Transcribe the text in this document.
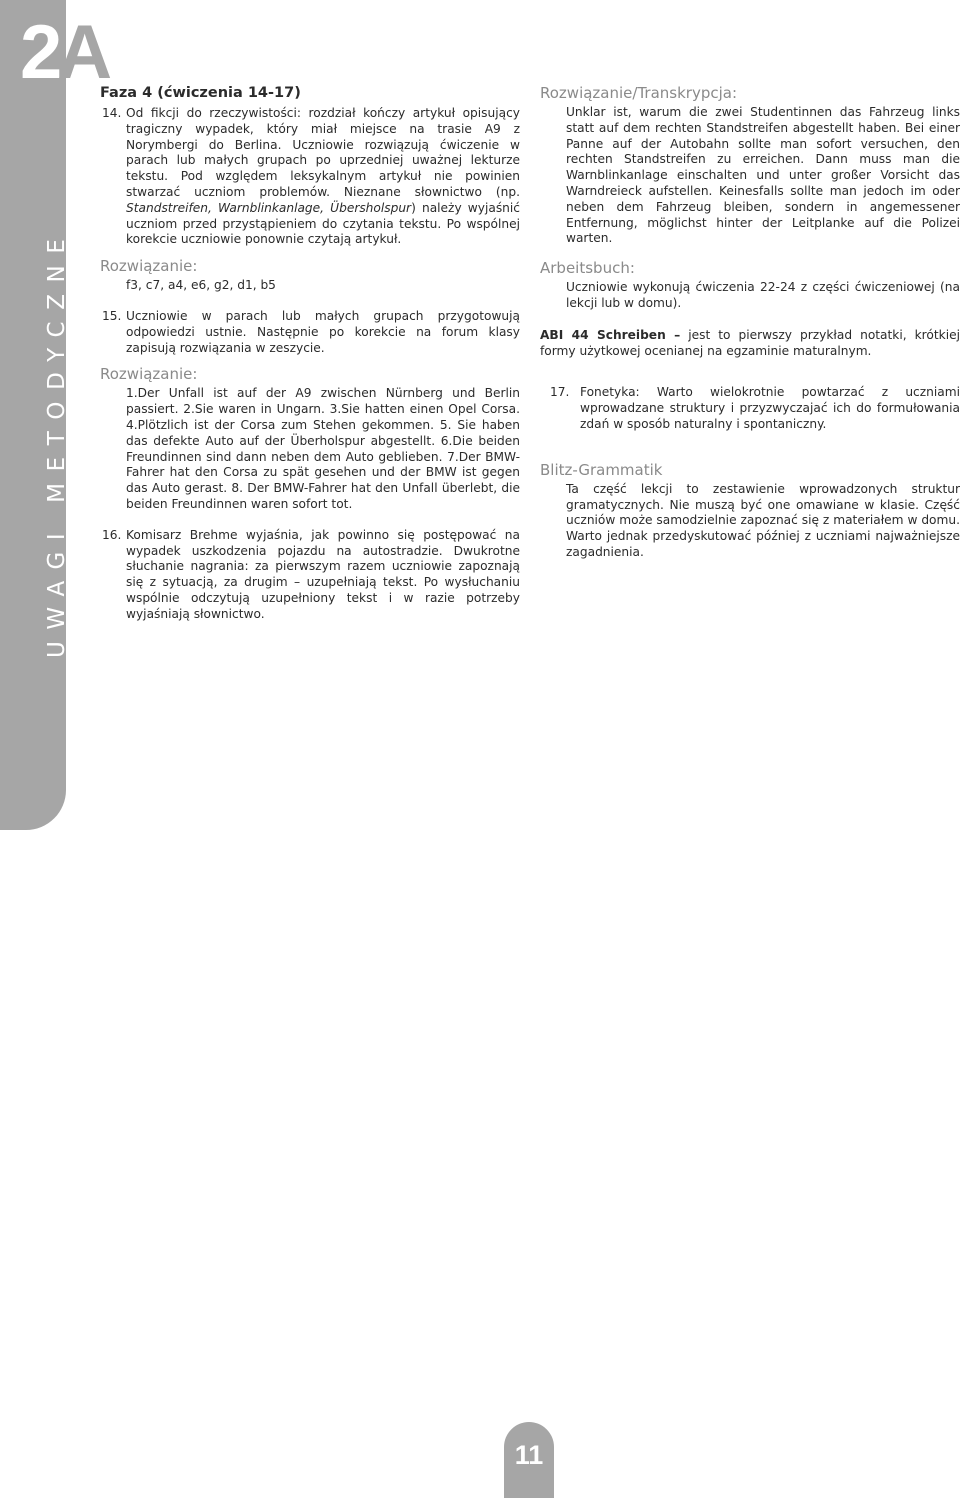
UWAGI METODYCZNE
2A
Faza 4 (ćwiczenia 14-17)
14. Od fikcji do rzeczywistości: rozdział kończy artykuł opisujący tragiczny wypadek, który miał miejsce na trasie A9 z Norymbergi do Berlina. Uczniowie rozwiązują ćwiczenie w parach lub małych grupach po uprzedniej uważnej lekturze tekstu. Pod względem leksykalnym artykuł nie powinien stwarzać uczniom problemów. Nieznane słownictwo (np. Standstreifen, Warnblinkanlage, Übersholspur) należy wyjaśnić uczniom przed przystąpieniem do czytania tekstu. Po wspólnej korekcie uczniowie ponownie czytają artykuł.
Rozwiązanie:
f3, c7, a4, e6, g2, d1, b5
15. Uczniowie w parach lub małych grupach przygotowują odpowiedzi ustnie. Następnie po korekcie na forum klasy zapisują rozwiązania w zeszycie.
Rozwiązanie:
1.Der Unfall ist auf der A9 zwischen Nürnberg und Berlin passiert. 2.Sie waren in Ungarn. 3.Sie hatten einen Opel Corsa. 4.Plötzlich ist der Corsa zum Stehen gekommen. 5. Sie haben das defekte Auto auf der Überholspur abgestellt. 6.Die beiden Freundinnen sind dann neben dem Auto geblieben. 7.Der BMW-Fahrer hat den Corsa zu spät gesehen und der BMW ist gegen das Auto gerast. 8. Der BMW-Fahrer hat den Unfall überlebt, die beiden Freundinnen waren sofort tot.
16. Komisarz Brehme wyjaśnia, jak powinno się postępować na wypadek uszkodzenia pojazdu na autostradzie. Dwukrotne słuchanie nagrania: za pierwszym razem uczniowie zapoznają się z sytuacją, za drugim – uzupełniają tekst. Po wysłuchaniu wspólnie odczytują uzupełniony tekst i w razie potrzeby wyjaśniają słownictwo.
Rozwiązanie/Transkrypcja:
Unklar ist, warum die zwei Studentinnen das Fahrzeug links statt auf dem rechten Standstreifen abgestellt haben. Bei einer Panne auf der Autobahn sollte man sofort versuchen, den rechten Standstreifen zu erreichen. Dann muss man die Warnblinkanlage einschalten und unter großer Vorsicht das Warndreieck aufstellen. Keinesfalls sollte man jedoch im oder neben dem Fahrzeug bleiben, sondern in angemessener Entfernung, möglichst hinter der Leitplanke auf die Polizei warten.
Arbeitsbuch:
Uczniowie wykonują ćwiczenia 22-24 z części ćwiczeniowej (na lekcji lub w domu).
ABI 44 Schreiben – jest to pierwszy przykład notatki, krótkiej formy użytkowej ocenianej na egzaminie maturalnym.
17. Fonetyka: Warto wielokrotnie powtarzać z uczniami wprowadzane struktury i przyzwyczajać ich do formułowania zdań w sposób naturalny i spontaniczny.
Blitz-Grammatik
Ta część lekcji to zestawienie wprowadzonych struktur gramatycznych. Nie muszą być one omawiane w klasie. Część uczniów może samodzielnie zapoznać się z materiałem w domu. Warto jednak przedyskutować później z uczniami najważniejsze zagadnienia.
11
